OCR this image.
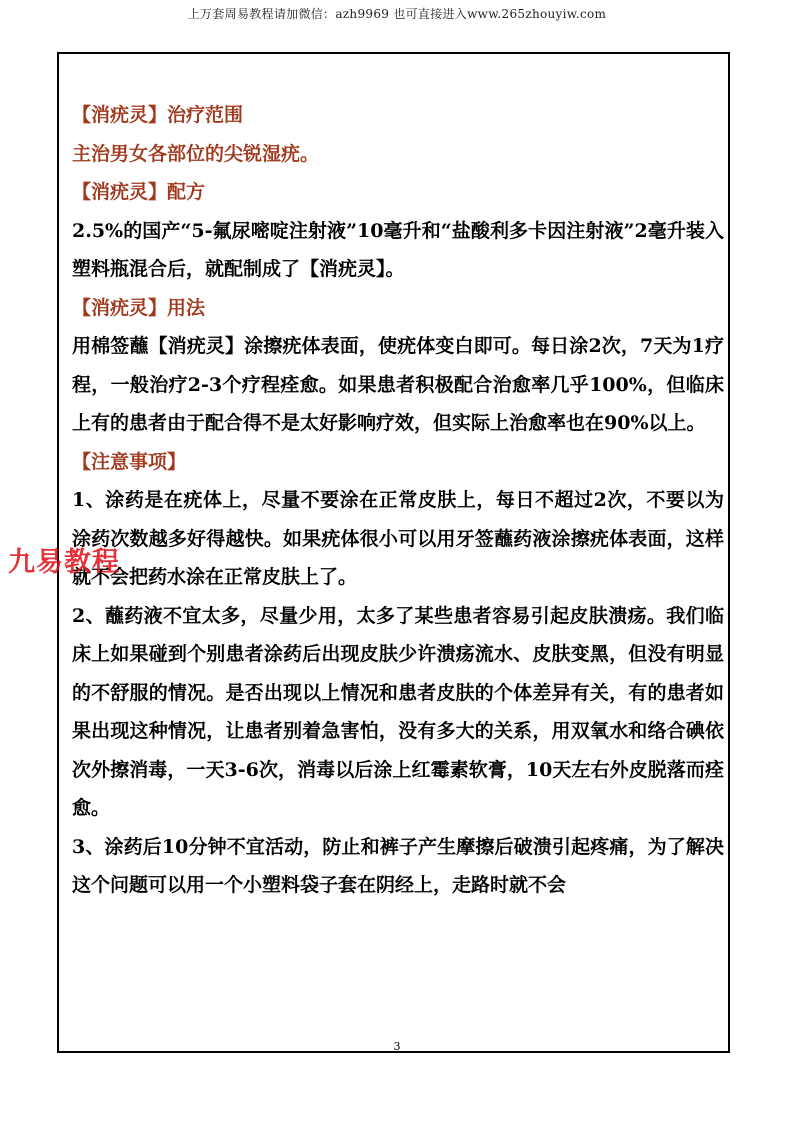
上万套周易教程请加微信：azh9969 也可直接进入www.265zhouyiw.com

【消疣灵】治疗范围

主治男女各部位的尖锐湿疣。

【消疣灵】配方

2.5%的国产“5-氟尿嘧啶注射液”10毫升和“盐酸利多卡因注射液”2毫升装入塑料瓶混合后，就配制成了【消疣灵】。

【消疣灵】用法

用棉签蘸【消疣灵】涂擦疣体表面，使疣体变白即可。每日涂2次，7天为1疗程，一般治疗2-3个疗程痊愈。如果患者积极配合治愈率几乎100%，但临床上有的患者由于配合得不是太好影响疗效，但实际上治愈率也在90%以上。

【注意事项】

1、涂药是在疣体上，尽量不要涂在正常皮肤上，每日不超过2次，不要以为涂药次数越多好得越快。如果疣体很小可以用牙签蘸药液涂擦疣体表面，这样就不会把药水涂在正常皮肤上了。

2、蘸药液不宜太多，尽量少用，太多了某些患者容易引起皮肤溃疡。我们临床上如果碰到个别患者涂药后出现皮肤少许溃疡流水、皮肤变黑，但没有明显的不舒服的情况。是否出现以上情况和患者皮肤的个体差异有关，有的患者如果出现这种情况，让患者别着急害怕，没有多大的关系，用双氧水和络合碘依次外擦消毒，一天3-6次，消毒以后涂上红霉素软膏，10天左右外皮脱落而痊愈。

3、涂药后10分钟不宜活动，防止和裤子产生摩擦后破溃引起疼痛，为了解决这个问题可以用一个小塑料袋子套在阴经上，走路时就不会

九易教程
3
